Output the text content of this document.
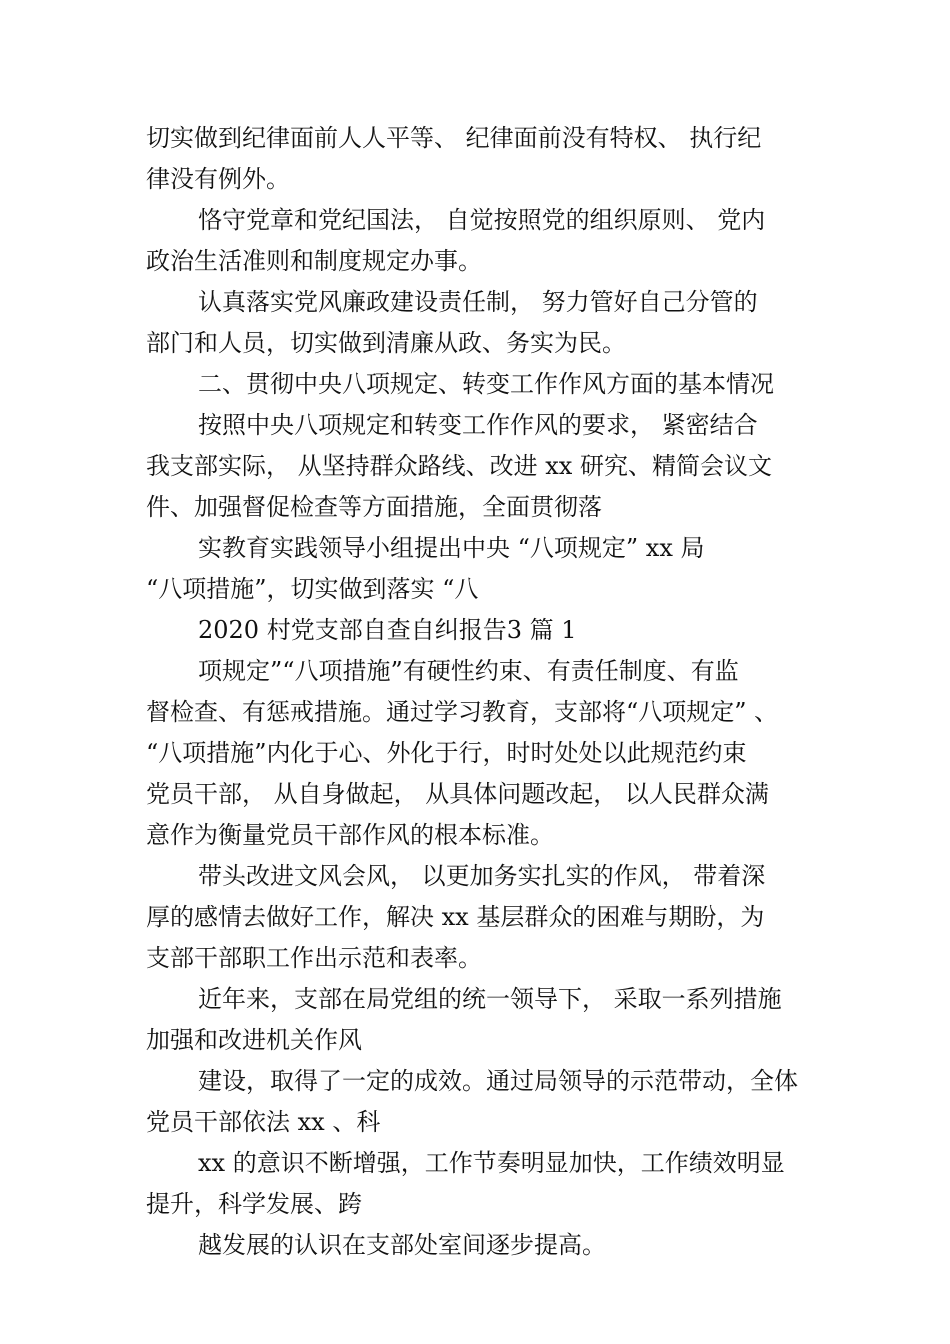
切实做到纪律面前人人平等、 纪律面前没有特权、 执行纪
律没有例外。
恪守党章和党纪国法， 自觉按照党的组织原则、 党内
政治生活准则和制度规定办事。
认真落实党风廉政建设责任制， 努力管好自己分管的
部门和人员，切实做到清廉从政、务实为民。
二、贯彻中央八项规定、转变工作作风方面的基本情况
按照中央八项规定和转变工作作风的要求， 紧密结合
我支部实际， 从坚持群众路线、改进 xx 研究、精简会议文
件、加强督促检查等方面措施，全面贯彻落
实教育实践领导小组提出中央 “八项规定” xx 局
“八项措施”，切实做到落实 “八
2020 村党支部自查自纠报告3 篇 1
项规定”“八项措施”有硬性约束、有责任制度、有监
督检查、有惩戒措施。通过学习教育，支部将“八项规定” 、
“八项措施”内化于心、外化于行，时时处处以此规范约束
党员干部， 从自身做起， 从具体问题改起， 以人民群众满
意作为衡量党员干部作风的根本标准。
带头改进文风会风， 以更加务实扎实的作风， 带着深
厚的感情去做好工作，解决 xx 基层群众的困难与期盼，为
支部干部职工作出示范和表率。
近年来，支部在局党组的统一领导下， 采取一系列措施
加强和改进机关作风
建设，取得了一定的成效。通过局领导的示范带动，全体
党员干部依法 xx 、科
xx 的意识不断增强，工作节奏明显加快，工作绩效明显
提升，科学发展、跨
越发展的认识在支部处室间逐步提高。
